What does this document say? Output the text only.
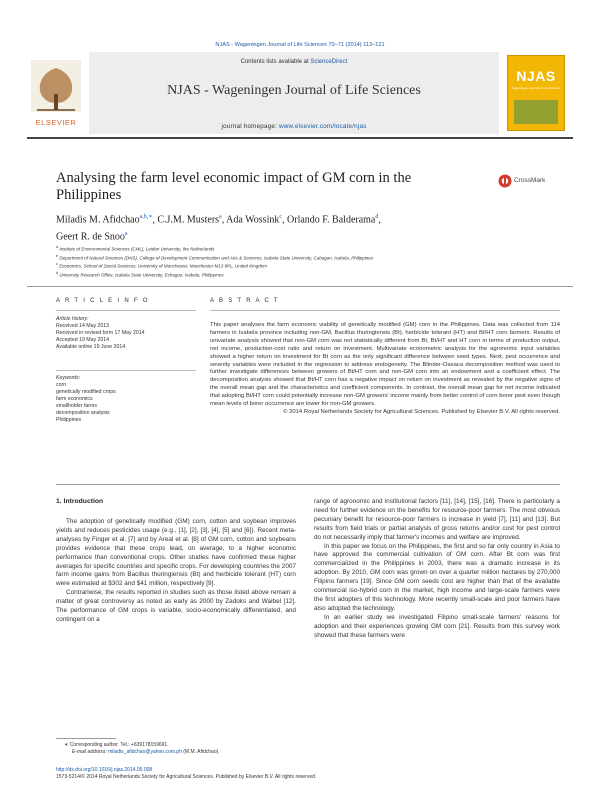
NJAS - Wageningen Journal of Life Sciences 70–71 (2014) 113–121
ELSEVIER
Contents lists available at ScienceDirect
NJAS - Wageningen Journal of Life Sciences
journal homepage: www.elsevier.com/locate/njas
NJAS
Wageningen Journal of Life Sciences
Analysing the farm level economic impact of GM corn in the Philippines
CrossMark
Miladis M. Afidchao$^{a,b,∗}$, C.J.M. Musters$^a$, Ada Wossink$^c$, Orlando F. Balderama$^d$,
Geert R. de Snoo$^a$
$^a$ Institute of Environmental Sciences (CML), Leiden University, the Netherlands
$^b$ Department of Natural Sciences (DNS), College of Development Communication and Arts & Sciences, Isabela State University, Cabagan, Isabela, Philippines
$^c$ Economics, School of Social Sciences, University of Manchester, Manchester M13 9PL, United Kingdom
$^d$ University Research Office, Isabela State University, Echague, Isabela, Philippines
A R T I C L E I N F O
Article history:
Received 14 May 2013
Received in revised form 17 May 2014
Accepted 19 May 2014
Available online 19 June 2014
Keywords:
corn
genetically modified crops
farm economics
smallholder farms
decomposition analysis
Philippines
A B S T R A C T
This paper analyses the farm economic viability of genetically modified (GM) corn in the Philippines. Data was collected from 114 farmers in Isabela province including non-GM, Bacillus thuringiensis (Bt), herbicide tolerant (HT) and Bt/HT corn farmers. Results of univariate analysis showed that non-GM corn was not statistically different from Bt, Bt/HT and HT corn in terms of production output, net income, production-cost ratio and return on investment. Multivariate econometric analysis for the agronomic input variables showed a higher return on investment for Bt corn as the only significant difference between seed types. Next, pest occurrence and severity variables were included in the regression to address endogeneity. The Blinder-Oaxaca decomposition method was used to further investigate differences between growers of Bt/HT corn and non-GM corn into an endowment and a coefficient effect. The decomposition analysis showed that Bt/HT corn has a negative impact on return on investment as revealed by the negative signs of the overall mean gap and the characteristics and coefficient components. In contrast, the overall mean gap for net income indicated that adopting Bt/HT corn could potentially increase non-GM growers' income mainly from better control of corn borer pest even though mean levels of borer occurrence are lower for non-GM growers.
© 2014 Royal Netherlands Society for Agricultural Sciences. Published by Elsevier B.V. All rights reserved.
1. Introduction

The adoption of genetically modified (GM) corn, cotton and soybean improves yields and reduces pesticides usage (e.g., [1], [2], [3], [4], [5] and [6]). Recent meta-analyses by Finger et al. [7] and by Areal et al. [8] of GM corn, cotton and soybeans provides evidence that these crops lead, on average, to a higher economic performance than conventional crops. Other studies have confirmed these higher averages for specific countries and specific crops. For developing countries the 2007 farm income gains from Bacillus thuringiensis (Bt) and herbicide tolerant (HT) corn were estimated at $302 and $41 million, respectively [9].

Contrariwise, the results reported in studies such as those listed above remain a matter of great controversy as noted as early as 2000 by Zadoks and Waibel [12]. The performance of GM crops is variable, socio-economically differentiated, and contingent on a

range of agronomic and institutional factors [11], [14], [15], [16]. There is particularly a need for further evidence on the benefits for resource-poor farmers. The most obvious pecuniary benefit for resource-poor farmers is increase in yield [7], [11] and [13]. But results from field trials or partial analysis of gross returns and/or cost for pest control do not necessarily imply that farmer's incomes and welfare are improved.

In this paper we focus on the Philippines, the first and so far only country in Asia to have approved the commercial cultivation of GM corn. After Bt corn was first commercialized in the Philippines in 2003, there was a dramatic increase in its adoption. By 2010, GM corn was grown on over a quarter million hectares by 270,000 Filipino farmers [19]. Since GM corn seeds cost are higher than that of the available commercial iso-hybrid corn in the market, high income and large-scale farmers were the first adopters of this technology. More recently small-scale and poor farmers have also adopted the technology.

In an earlier study we investigated Filipino small-scale farmers' reasons for adoption and their experiences growing GM corn [21]. Results from this survey work showed that these farmers were

∗ Corresponding author. Tel.: +639178159691.
E-mail address: miladis_afidchao@yahoo.com.ph (M.M. Afidchao).
http://dx.doi.org/10.1016/j.njas.2014.05.008
1573-5214/© 2014 Royal Netherlands Society for Agricultural Sciences. Published by Elsevier B.V. All rights reserved.
